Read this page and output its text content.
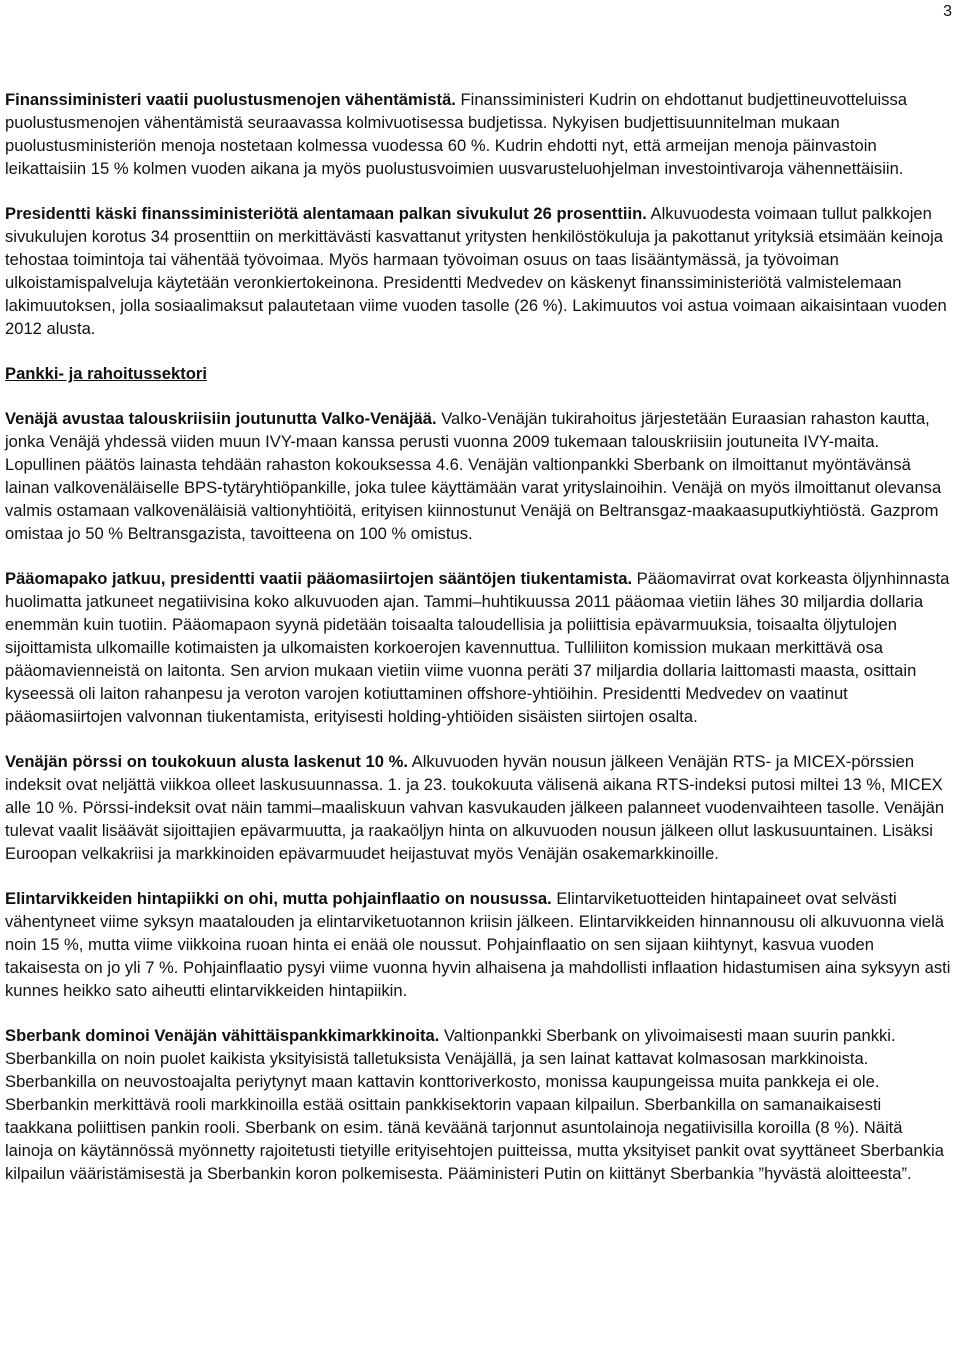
3

Finanssiministeri vaatii puolustusmenojen vähentämistä. Finanssiministeri Kudrin on ehdottanut budjettineuvotteluissa puolustusmenojen vähentämistä seuraavassa kolmivuotisessa budjetissa. Nykyisen budjettisuunnitelman mukaan puolustusministeriön menoja nostetaan kolmessa vuodessa 60 %. Kudrin ehdotti nyt, että armeijan menoja päinvastoin leikattaisiin 15 % kolmen vuoden aikana ja myös puolustusvoimien uusvarusteluohjelman investointivaroja vähennettäisiin.

Presidentti käski finanssiministeriötä alentamaan palkan sivukulut 26 prosenttiin. Alkuvuodesta voimaan tullut palkkojen sivukulujen korotus 34 prosenttiin on merkittävästi kasvattanut yritysten henkilöstökuluja ja pakottanut yrityksiä etsimään keinoja tehostaa toimintoja tai vähentää työvoimaa. Myös harmaan työvoiman osuus on taas lisääntymässä, ja työvoiman ulkoistamispalveluja käytetään veronkiertokeinona. Presidentti Medvedev on käskenyt finanssiministeriötä valmistelemaan lakimuutoksen, jolla sosiaalimaksut palautetaan viime vuoden tasolle (26 %). Lakimuutos voi astua voimaan aikaisintaan vuoden 2012 alusta.

Pankki- ja rahoitussektori

Venäjä avustaa talouskriisiin joutunutta Valko-Venäjää. Valko-Venäjän tukirahoitus järjestetään Euraasian rahaston kautta, jonka Venäjä yhdessä viiden muun IVY-maan kanssa perusti vuonna 2009 tukemaan talouskriisiin joutuneita IVY-maita. Lopullinen päätös lainasta tehdään rahaston kokouksessa 4.6. Venäjän valtionpankki Sberbank on ilmoittanut myöntävänsä lainan valkovenäläiselle BPS-tytäryhtiöpankille, joka tulee käyttämään varat yrityslainoihin. Venäjä on myös ilmoittanut olevansa valmis ostamaan valkovenäläisiä valtionyhtiöitä, erityisen kiinnostunut Venäjä on Beltransgaz-maakaasuputkiyhtiöstä. Gazprom omistaa jo 50 % Beltransgazista, tavoitteena on 100 % omistus.

Pääomapako jatkuu, presidentti vaatii pääomasiirtojen sääntöjen tiukentamista. Pääomavirrat ovat korkeasta öljynhinnasta huolimatta jatkuneet negatiivisina koko alkuvuoden ajan. Tammi–huhtikuussa 2011 pääomaa vietiin lähes 30 miljardia dollaria enemmän kuin tuotiin. Pääomapaon syynä pidetään toisaalta taloudellisia ja poliittisia epävarmuuksia, toisaalta öljytulojen sijoittamista ulkomaille kotimaisten ja ulkomaisten korkoerojen kavennuttua. Tulliliiton komission mukaan merkittävä osa pääomavienneistä on laitonta. Sen arvion mukaan vietiin viime vuonna peräti 37 miljardia dollaria laittomasti maasta, osittain kyseessä oli laiton rahanpesu ja veroton varojen kotiuttaminen offshore-yhtiöihin. Presidentti Medvedev on vaatinut pääomasiirtojen valvonnan tiukentamista, erityisesti holding-yhtiöiden sisäisten siirtojen osalta.

Venäjän pörssi on toukokuun alusta laskenut 10 %. Alkuvuoden hyvän nousun jälkeen Venäjän RTS- ja MICEX-pörssien indeksit ovat neljättä viikkoa olleet laskusuunnassa. 1. ja 23. toukokuuta välisenä aikana RTS-indeksi putosi miltei 13 %, MICEX alle 10 %. Pörssi-indeksit ovat näin tammi–maaliskuun vahvan kasvukauden jälkeen palanneet vuodenvaihteen tasolle. Venäjän tulevat vaalit lisäävät sijoittajien epävarmuutta, ja raakaöljyn hinta on alkuvuoden nousun jälkeen ollut laskusuuntainen. Lisäksi Euroopan velkakriisi ja markkinoiden epävarmuudet heijastuvat myös Venäjän osakemarkkinoille.

Elintarvikkeiden hintapiikki on ohi, mutta pohjainflaatio on nousussa. Elintarviketuotteiden hintapaineet ovat selvästi vähentyneet viime syksyn maatalouden ja elintarviketuotannon kriisin jälkeen. Elintarvikkeiden hinnannousu oli alkuvuonna vielä noin 15 %, mutta viime viikkoina ruoan hinta ei enää ole noussut. Pohjainflaatio on sen sijaan kiihtynyt, kasvua vuoden takaisesta on jo yli 7 %. Pohjainflaatio pysyi viime vuonna hyvin alhaisena ja mahdollisti inflaation hidastumisen aina syksyyn asti kunnes heikko sato aiheutti elintarvikkeiden hintapiikin.

Sberbank dominoi Venäjän vähittäispankkimarkkinoita. Valtionpankki Sberbank on ylivoimaisesti maan suurin pankki. Sberbankilla on noin puolet kaikista yksityisistä talletuksista Venäjällä, ja sen lainat kattavat kolmasosan markkinoista. Sberbankilla on neuvostoajalta periytynyt maan kattavin konttoriverkosto, monissa kaupungeissa muita pankkeja ei ole. Sberbankin merkittävä rooli markkinoilla estää osittain pankkisektorin vapaan kilpailun. Sberbankilla on samanaikaisesti taakkana poliittisen pankin rooli. Sberbank on esim. tänä keväänä tarjonnut asuntolainoja negatiivisilla koroilla (8 %). Näitä lainoja on käytännössä myönnetty rajoitetusti tietyille erityisehtojen puitteissa, mutta yksityiset pankit ovat syyttäneet Sberbankia kilpailun vääristämisestä ja Sberbankin koron polkemisesta. Pääministeri Putin on kiittänyt Sberbankia ”hyvästä aloitteesta”.
